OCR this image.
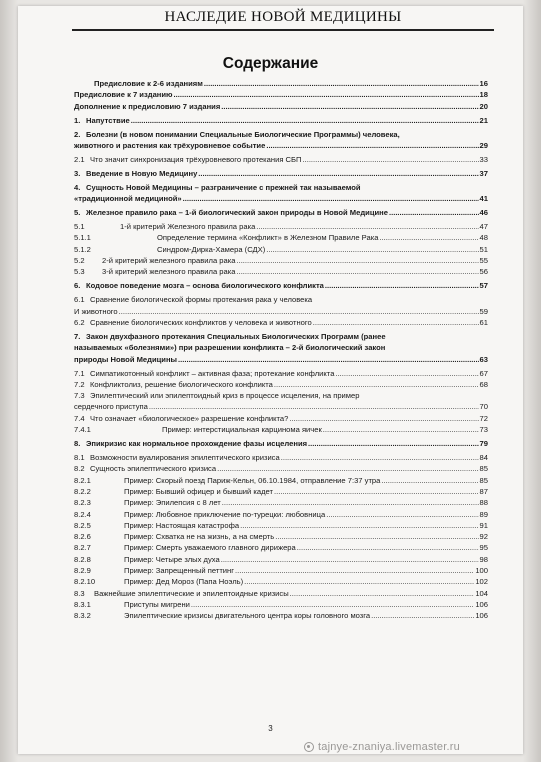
НАСЛЕДИЕ НОВОЙ МЕДИЦИНЫ
Содержание
Предисловие к 2-6 изданиям .....	16
Предисловие к 7 изданию .....	18
Дополнение к предисловию 7 издания .....	20
1. Напутствие .....	21
2. Болезни (в новом понимании Специальные Биологические Программы) человека,
животного и растения как трёхуровневое событие .....	29
2.1 Что значит синхронизация трёхуровневого протекания СБП .....	33
3. Введение в Новую Медицину .....	37
4. Сущность Новой Медицины – разграничение с прежней так называемой
«традиционной медициной» .....	41
5. Железное правило рака – 1-й биологический закон природы в Новой Медицине .....	46
5.1	1-й критерий Железного правила рака .....	47
5.1.1	Определение термина «Конфликт» в Железном Правиле Рака .....	48
5.1.2	Синдром-Дирка-Хамера (СДХ) .....	51
5.2	2-й критерий железного правила рака .....	55
5.3	3-й критерий железного правила рака .....	56
6. Кодовое поведение мозга – основа биологического конфликта .....	57
6.1 Сравнение биологической формы протекания рака у человека
И животного .....	59
6.2 Сравнение биологических конфликтов у человека и животного .....	61
7. Закон двухфазного протекания Специальных Биологических Программ (ранее
называемых «болезнями») при разрешении конфликта – 2-й биологический закон
природы Новой Медицины .....	63
7.1 Симпатикотонный конфликт – активная фаза; протекание конфликта .....	67
7.2 Конфликтолиз, решение биологического конфликта .....	68
7.3 Эпилептический или эпилептоидный криз в процессе исцеления, на пример
сердечного приступа .....	70
7.4 Что означает «биологическое» разрешение конфликта? .....	72
7.4.1	Пример: интерстициальная карцинома яичек .....	73
8. Эпикризис как нормальное прохождение фазы исцеления .....	79
8.1 Возможности вуалирования эпилептического кризиса .....	84
8.2 Сущность эпилептического кризиса .....	85
8.2.1	Пример: Скорый поезд Париж-Кельн, 06.10.1984, отправление 7:37 утра .....	85
8.2.2	Пример: Бывший офицер и бывший кадет .....	87
8.2.3	Пример: Эпилепсия с 8 лет .....	88
8.2.4	Пример: Любовное приключение по-турецки: любовница .....	89
8.2.5	Пример: Настоящая катастрофа .....	91
8.2.6	Пример: Схватка не на жизнь, а на смерть .....	92
8.2.7	Пример: Смерть уважаемого главного дирижера .....	95
8.2.8	Пример: Четыре злых духа .....	98
8.2.9	Пример: Запрещенный петтинг .....	100
8.2.10	Пример: Дед Мороз (Папа Ноэль) .....	102
8.3	Важнейшие эпилептические и эпилептоидные кризисы .....	104
8.3.1	Приступы мигрени .....	106
8.3.2	Эпилептические кризисы двигательного центра коры головного мозга .....	106
3
tajnye-znaniya.livemaster.ru
